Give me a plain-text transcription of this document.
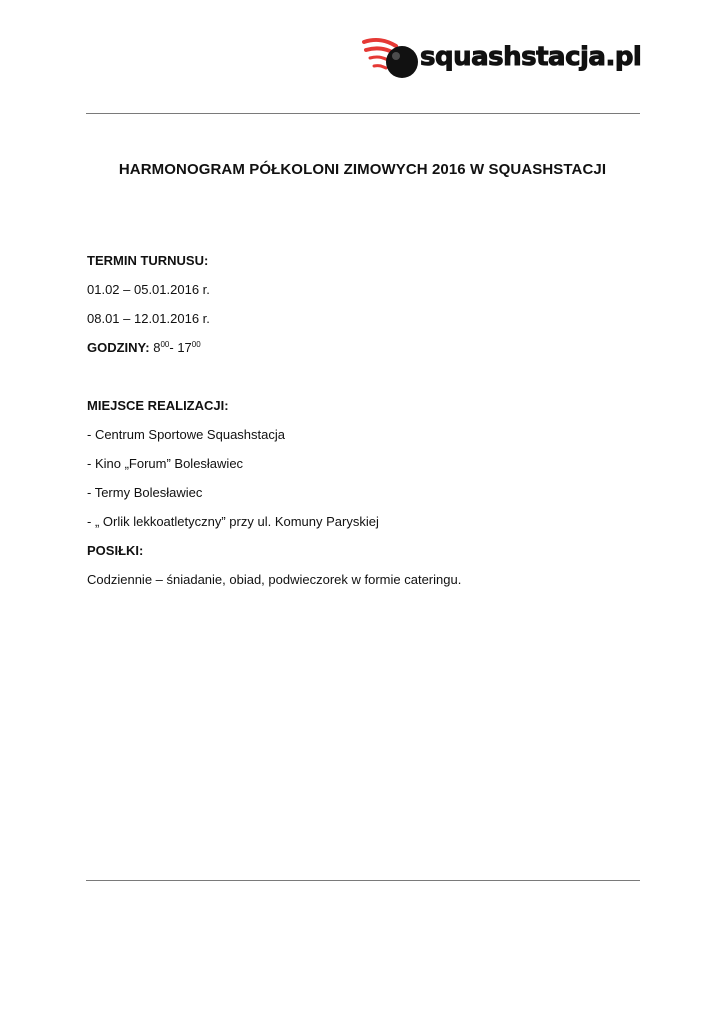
squashstacja.pl
HARMONOGRAM PÓŁKOLONI ZIMOWYCH 2016 W SQUASHSTACJI
TERMIN TURNUSU:
01.02 – 05.01.2016 r.
08.01 – 12.01.2016 r.
GODZINY: $8^{00}-$ $17^{00}$
MIEJSCE REALIZACJI:
- Centrum Sportowe Squashstacja
- Kino „Forum” Bolesławiec
- Termy Bolesławiec
- „ Orlik lekkoatletyczny” przy ul. Komuny Paryskiej
POSIŁKI:
Codziennie – śniadanie, obiad, podwieczorek w formie cateringu.
